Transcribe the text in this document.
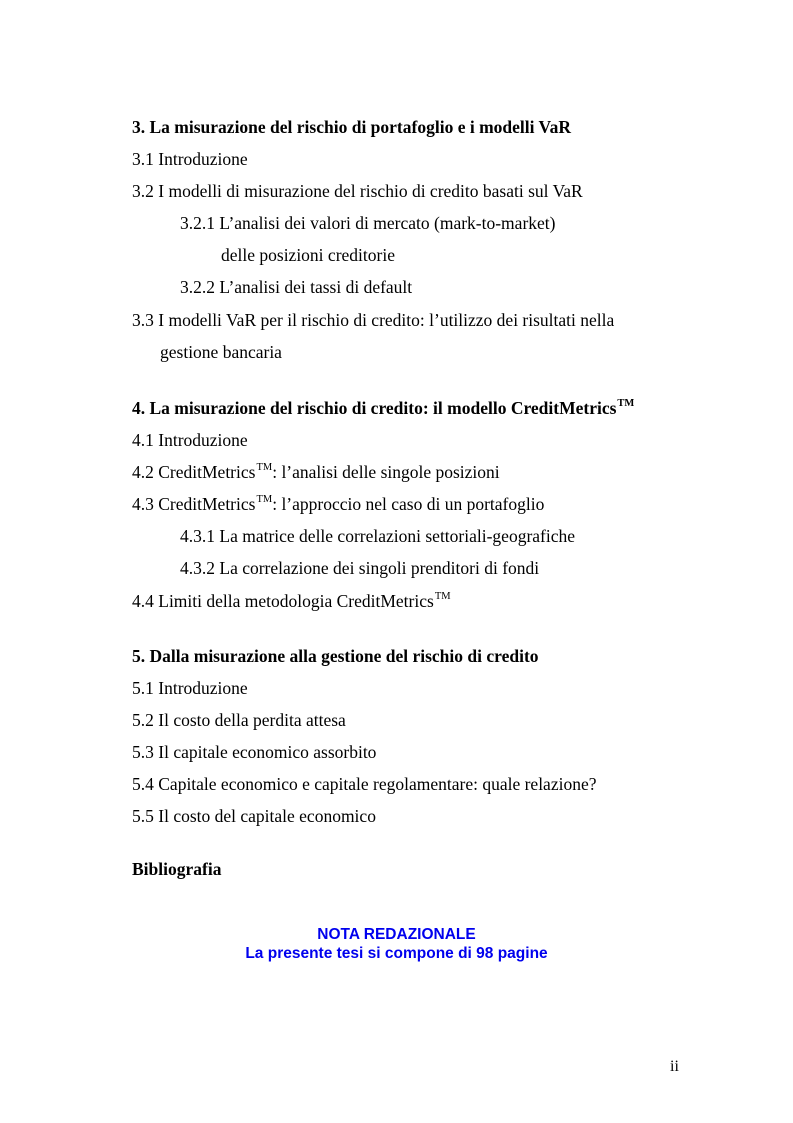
3. La misurazione del rischio di portafoglio e i modelli VaR
3.1 Introduzione
3.2 I modelli di misurazione del rischio di credito basati sul VaR
3.2.1 L’analisi dei valori di mercato (mark-to-market)
delle posizioni creditorie
3.2.2 L’analisi dei tassi di default
3.3 I modelli VaR per il rischio di credito: l’utilizzo dei risultati nella
gestione bancaria
4. La misurazione del rischio di credito: il modello CreditMetrics™
4.1 Introduzione
4.2 CreditMetrics™: l’analisi delle singole posizioni
4.3 CreditMetrics™: l’approccio nel caso di un portafoglio
4.3.1 La matrice delle correlazioni settoriali-geografiche
4.3.2 La correlazione dei singoli prenditori di fondi
4.4 Limiti della metodologia CreditMetrics™
5. Dalla misurazione alla gestione del rischio di credito
5.1 Introduzione
5.2 Il costo della perdita attesa
5.3 Il capitale economico assorbito
5.4 Capitale economico e capitale regolamentare: quale relazione?
5.5 Il costo del capitale economico
Bibliografia
NOTA REDAZIONALE
La presente tesi si compone di 98 pagine
ii
